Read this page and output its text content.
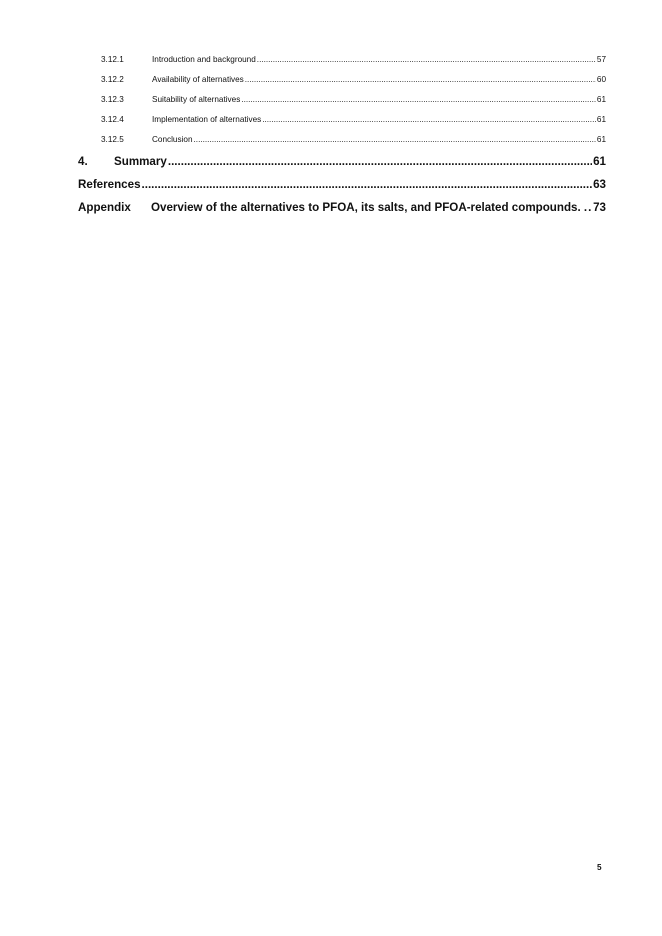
3.12.1	Introduction and background .....	57
3.12.2	Availability of alternatives .....	60
3.12.3	Suitability of alternatives .....	61
3.12.4	Implementation of alternatives .....	61
3.12.5	Conclusion .....	61
4.	Summary .....	61
References .....	63
Appendix	Overview of the alternatives to PFOA, its salts, and PFOA-related compounds. . ..... 73
5
